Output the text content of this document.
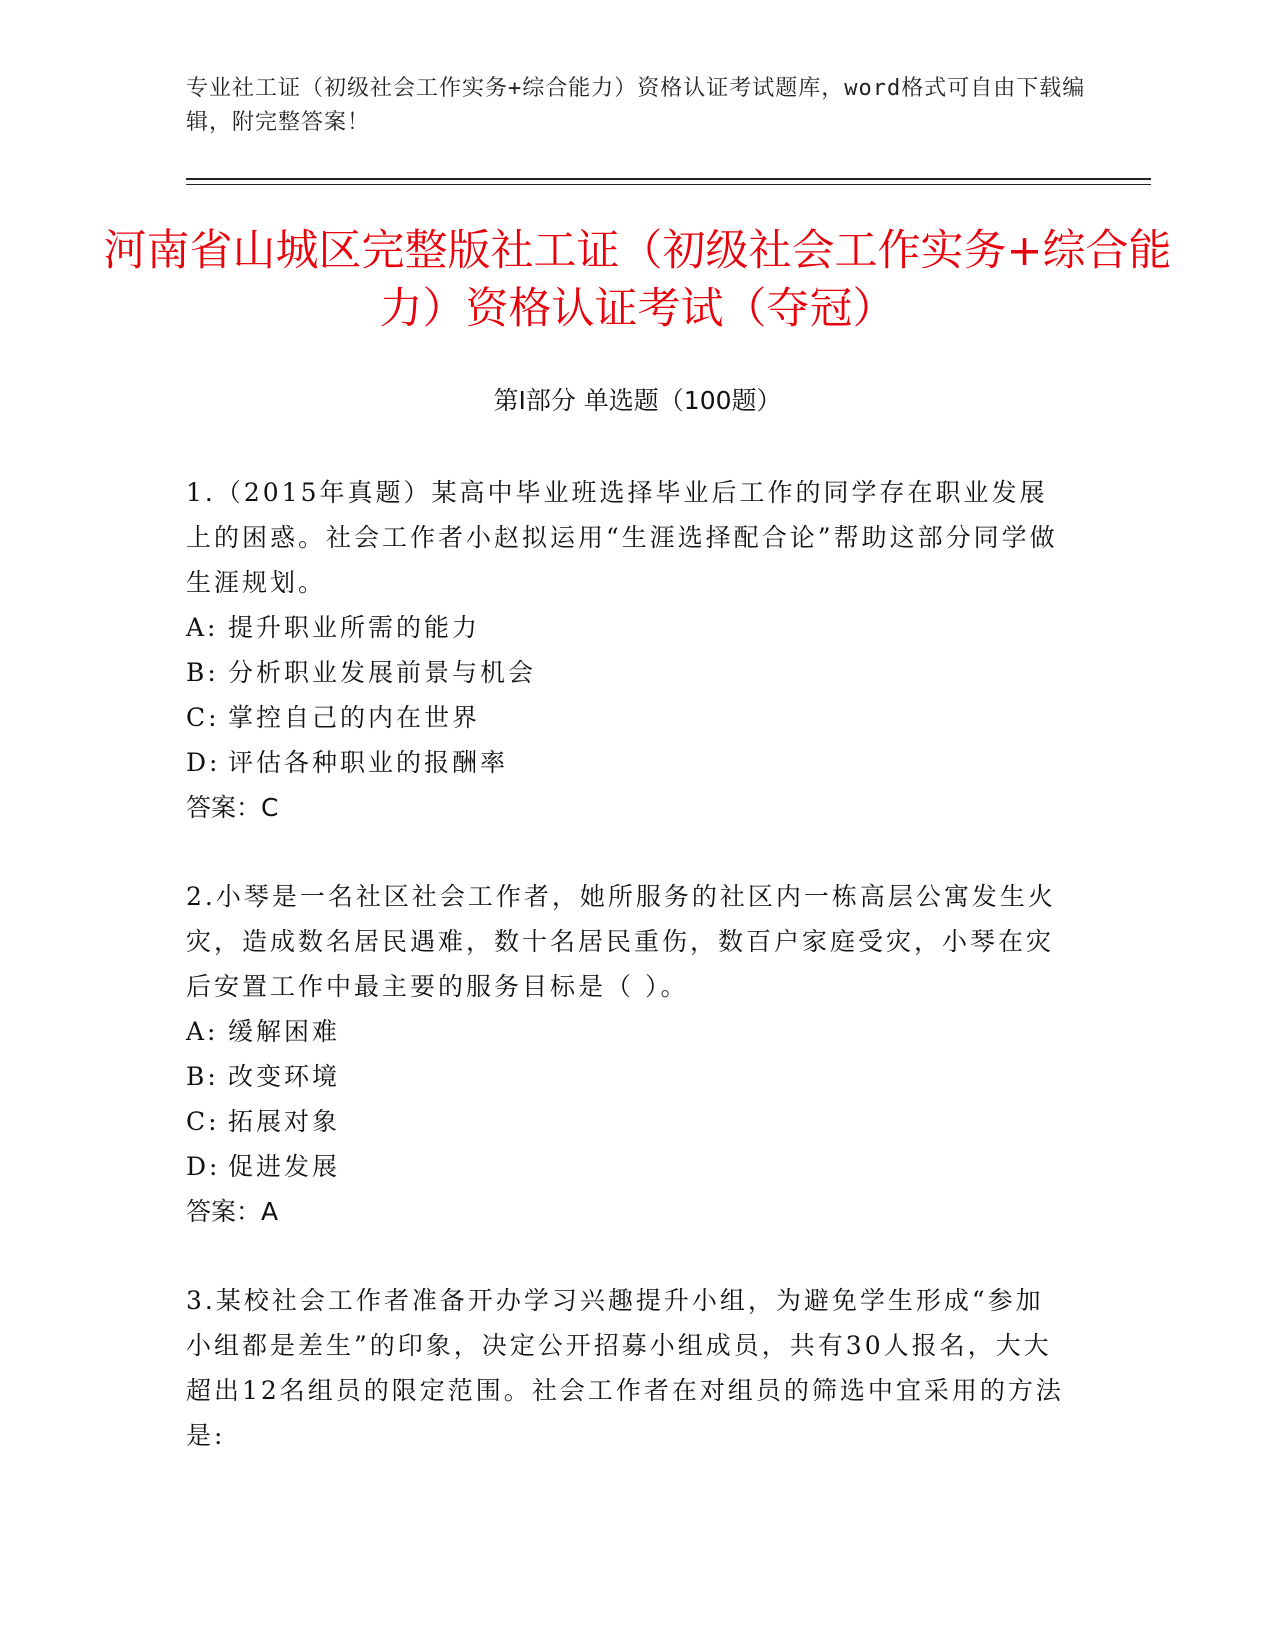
专业社工证（初级社会工作实务+综合能力）资格认证考试题库，word格式可自由下载编辑，附完整答案！
河南省山城区完整版社工证（初级社会工作实务+综合能力）资格认证考试（夺冠）
第Ⅰ部分 单选题（100题）

1.（2015年真题）某高中毕业班选择毕业后工作的同学存在职业发展上的困惑。社会工作者小赵拟运用“生涯选择配合论”帮助这部分同学做生涯规划。

A: 提升职业所需的能力

B: 分析职业发展前景与机会

C: 掌控自己的内在世界

D: 评估各种职业的报酬率

答案：C

2.小琴是一名社区社会工作者，她所服务的社区内一栋高层公寓发生火灾，造成数名居民遇难，数十名居民重伤，数百户家庭受灾，小琴在灾后安置工作中最主要的服务目标是（ ）。

A: 缓解困难

B: 改变环境

C: 拓展对象

D: 促进发展

答案：A

3.某校社会工作者准备开办学习兴趣提升小组，为避免学生形成“参加小组都是差生”的印象，决定公开招募小组成员，共有30人报名，大大超出12名组员的限定范围。社会工作者在对组员的筛选中宜采用的方法是:
